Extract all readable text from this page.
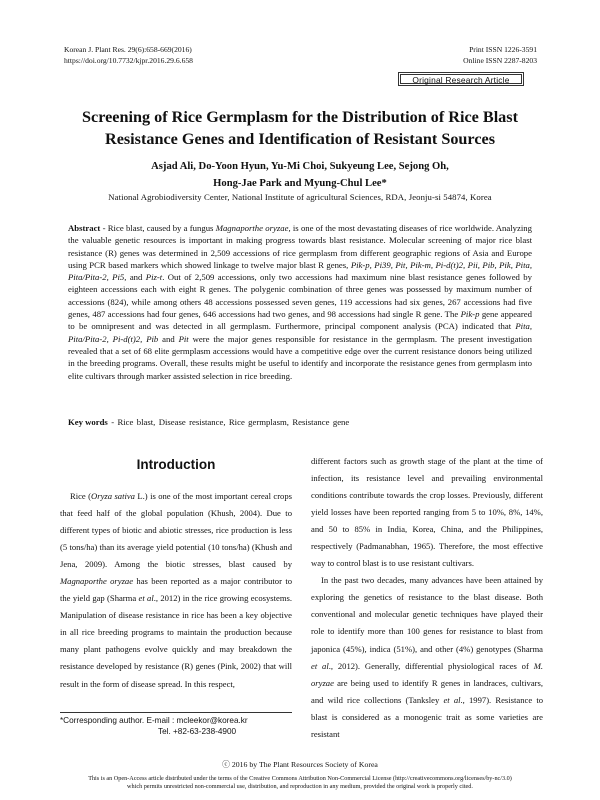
Korean J. Plant Res. 29(6):658-669(2016)
https://doi.org/10.7732/kjpr.2016.29.6.658
Print ISSN 1226-3591
Online ISSN 2287-8203
Original Research Article
Screening of Rice Germplasm for the Distribution of Rice Blast
Resistance Genes and Identification of Resistant Sources
Asjad Ali, Do-Yoon Hyun, Yu-Mi Choi, Sukyeung Lee, Sejong Oh,
Hong-Jae Park and Myung-Chul Lee*
National Agrobiodiversity Center, National Institute of agricultural Sciences, RDA, Jeonju-si 54874, Korea

Abstract - Rice blast, caused by a fungus Magnaporthe oryzae, is one of the most devastating diseases of rice worldwide. Analyzing the valuable genetic resources is important in making progress towards blast resistance. Molecular screening of major rice blast resistance (R) genes was determined in 2,509 accessions of rice germplasm from different geographic regions of Asia and Europe using PCR based markers which showed linkage to twelve major blast R genes, Pik-p, Pi39, Pit, Pik-m, Pi-d(t)2, Pii, Pib, Pik, Pita, Pita/Pita-2, Pi5, and Piz-t. Out of 2,509 accessions, only two accessions had maximum nine blast resistance genes followed by eighteen accessions each with eight R genes. The polygenic combination of three genes was possessed by maximum number of accessions (824), while among others 48 accessions possessed seven genes, 119 accessions had six genes, 267 accessions had five genes, 487 accessions had four genes, 646 accessions had two genes, and 98 accessions had single R gene. The Pik-p gene appeared to be omnipresent and was detected in all germplasm. Furthermore, principal component analysis (PCA) indicated that Pita, Pita/Pita-2, Pi-d(t)2, Pib and Pit were the major genes responsible for resistance in the germplasm. The present investigation revealed that a set of 68 elite germplasm accessions would have a competitive edge over the current resistance donors being utilized in the breeding programs. Overall, these results might be useful to identify and incorporate the resistance genes from germplasm into elite cultivars through marker assisted selection in rice breeding.

Key words - Rice blast, Disease resistance, Rice germplasm, Resistance gene

Introduction

Rice (Oryza sativa L.) is one of the most important cereal crops that feed half of the global population (Khush, 2004). Due to different types of biotic and abiotic stresses, rice production is less (5 tons/ha) than its average yield potential (10 tons/ha) (Khush and Jena, 2009). Among the biotic stresses, blast caused by Magnaporthe oryzae has been reported as a major contributor to the yield gap (Sharma et al., 2012) in the rice growing ecosystems. Manipulation of disease resistance in rice has been a key objective in all rice breeding programs to maintain the production because many plant pathogens evolve quickly and may breakdown the resistance developed by resistance (R) genes (Pink, 2002) that will result in the form of disease spread. In this respect,

different factors such as growth stage of the plant at the time of infection, its resistance level and prevailing environmental conditions contribute towards the crop losses. Previously, different yield losses have been reported ranging from 5 to 10%, 8%, 14%, and 50 to 85% in India, Korea, China, and the Philippines, respectively (Padmanabhan, 1965). Therefore, the most effective way to control blast is to use resistant cultivars.

In the past two decades, many advances have been attained by exploring the genetics of resistance to the blast disease. Both conventional and molecular genetic techniques have played their role to identify more than 100 genes for resistance to blast from japonica (45%), indica (51%), and other (4%) genotypes (Sharma et al., 2012). Generally, differential physiological races of M. oryzae are being used to identify R genes in landraces, cultivars, and wild rice collections (Tanksley et al., 1997). Resistance to blast is considered as a monogenic trait as some varieties are resistant

*Corresponding author. E-mail : mcleekor@korea.kr
Tel. +82-63-238-4900
ⓒ 2016 by The Plant Resources Society of Korea
This is an Open-Access article distributed under the terms of the Creative Commons Attribution Non-Commercial License (http://creativecommons.org/licenses/by-nc/3.0)
which permits unrestricted non-commercial use, distribution, and reproduction in any medium, provided the original work is properly cited.
